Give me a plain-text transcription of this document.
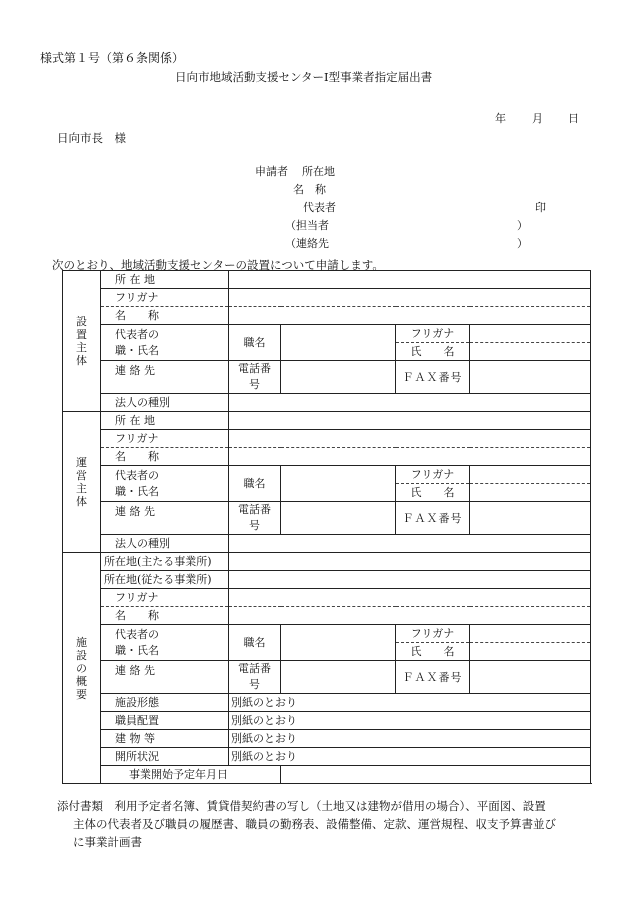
様式第１号（第６条関係）
日向市地域活動支援センターⅠ型事業者指定届出書
年 月 日
日向市長　様
申請者 所在地
名　称
代表者	印
（担当者	）
（連絡先	）
次のとおり、地域活動支援センターの設置について申請します。
設置主体	所 在 地				
	フリガナ				
	名　　称				
	代表者の
職・氏名	職名		フリガナ	
				氏　　名	
	連 絡 先	電話番
号		ＦＡＸ番号	

	法人の種別				
運営主体	所 在 地				
	フリガナ				
	名　　称				
	代表者の
職・氏名	職名		フリガナ	
				氏　　名	
	連 絡 先	電話番
号		ＦＡＸ番号	

	法人の種別				
施設の概要	所在地(主たる事業所)				
	所在地(従たる事業所)				
	フリガナ				
	名　　称				
	代表者の
職・氏名	職名		フリガナ	
				氏　　名	
	連 絡 先	電話番
号		ＦＡＸ番号	

	施設形態	別紙のとおり			
	職員配置	別紙のとおり			
	建 物 等	別紙のとおり			
	開所状況	別紙のとおり			
	事業開始予定年月日				
添付書類　 利用予定者名簿、賃貸借契約書の写し（土地又は建物が借用の場合）、平面図、設置
主体の代表者及び職員の履歴書、職員の勤務表、設備整備、定款、運営規程、収支予算書並び
に事業計画書
